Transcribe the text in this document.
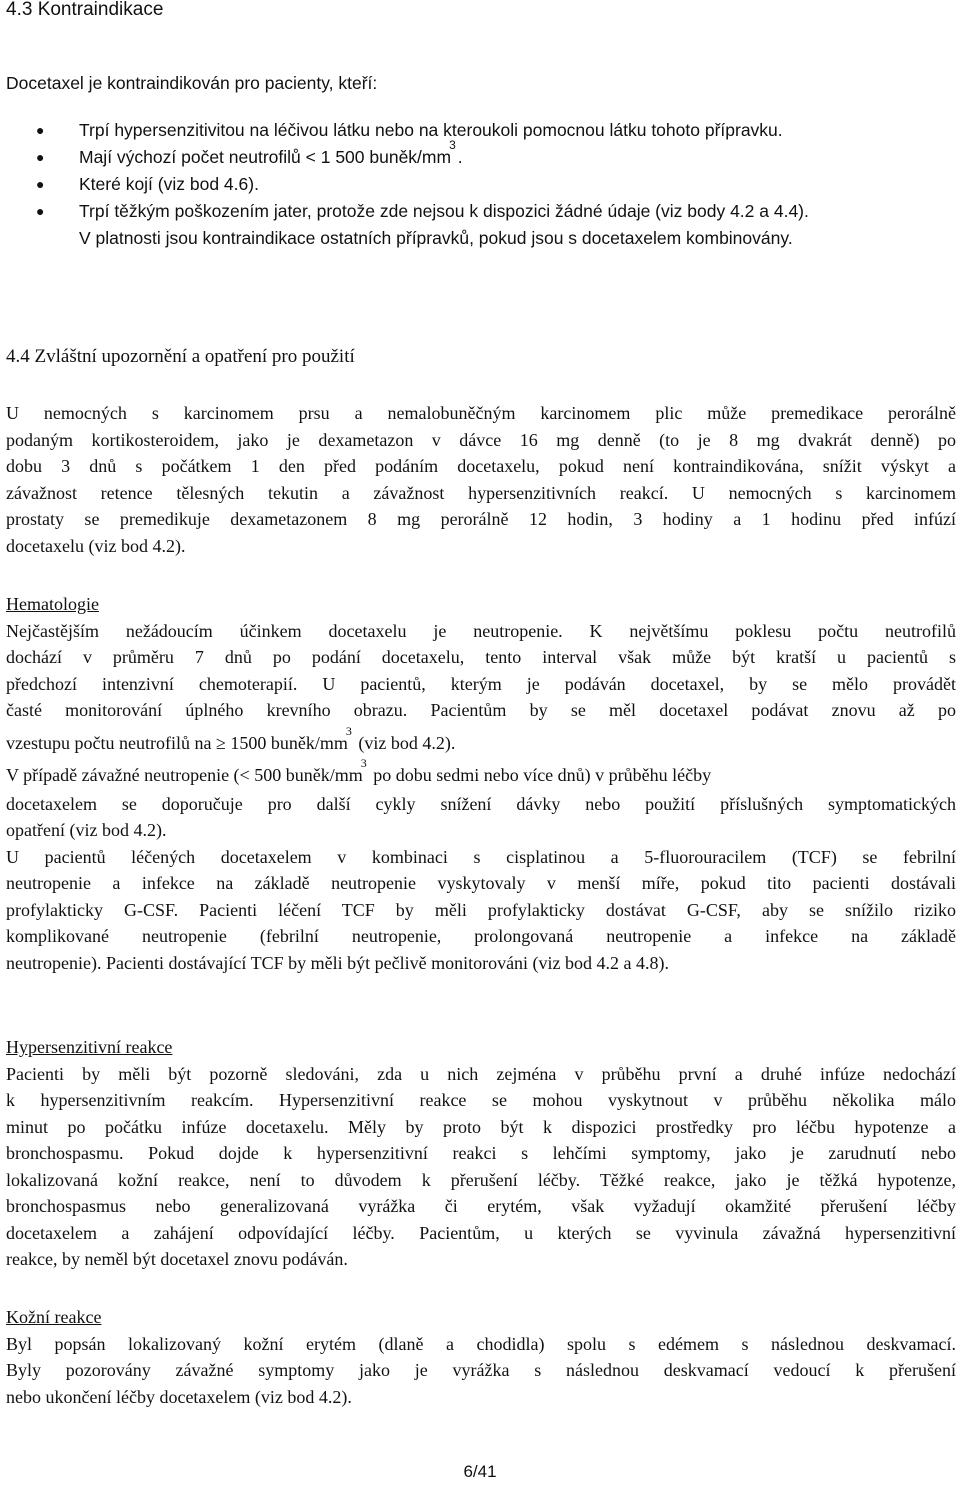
4.3 Kontraindikace
Docetaxel je kontraindikován pro pacienty, kteří:
● Trpí hypersenzitivitou na léčivou látku nebo na kteroukoli pomocnou látku tohoto přípravku.
● Mají výchozí počet neutrofilů < 1 500 buněk/$mm^3$.
● Které kojí (viz bod 4.6).
● Trpí těžkým poškozením jater, protože zde nejsou k dispozici žádné údaje (viz body 4.2 a 4.4).
V platnosti jsou kontraindikace ostatních přípravků, pokud jsou s docetaxelem kombinovány.
4.4 Zvláštní upozornění a opatření pro použití
U nemocných s karcinomem prsu a nemalobuněčným karcinomem plic může premedikace perorálně
podaným kortikosteroidem, jako je dexametazon v dávce 16 mg denně (to je 8 mg dvakrát denně) po
dobu 3 dnů s počátkem 1 den před podáním docetaxelu, pokud není kontraindikována, snížit výskyt a
závažnost retence tělesných tekutin a závažnost hypersenzitivních reakcí. U nemocných s karcinomem
prostaty se premedikuje dexametazonem 8 mg perorálně 12 hodin, 3 hodiny a 1 hodinu před infúzí
docetaxelu (viz bod 4.2).
Hematologie
Nejčastějším nežádoucím účinkem docetaxelu je neutropenie. K největšímu poklesu počtu neutrofilů
dochází v průměru 7 dnů po podání docetaxelu, tento interval však může být kratší u pacientů s
předchozí intenzivní chemoterapií. U pacientů, kterým je podáván docetaxel, by se mělo provádět
časté monitorování úplného krevního obrazu. Pacientům by se měl docetaxel podávat znovu až po
vzestupu počtu neutrofilů na ≥ 1500 buněk/$mm^3$ (viz bod 4.2).
V případě závažné neutropenie (< 500 buněk/$mm^3$ po dobu sedmi nebo více dnů) v průběhu léčby
docetaxelem se doporučuje pro další cykly snížení dávky nebo použití příslušných symptomatických
opatření (viz bod 4.2).
U pacientů léčených docetaxelem v kombinaci s cisplatinou a 5-fluorouracilem (TCF) se febrilní
neutropenie a infekce na základě neutropenie vyskytovaly v menší míře, pokud tito pacienti dostávali
profylakticky G-CSF. Pacienti léčení TCF by měli profylakticky dostávat G-CSF, aby se snížilo riziko
komplikované neutropenie (febrilní neutropenie, prolongovaná neutropenie a infekce na základě
neutropenie). Pacienti dostávající TCF by měli být pečlivě monitorováni (viz bod 4.2 a 4.8).
Hypersenzitivní reakce
Pacienti by měli být pozorně sledováni, zda u nich zejména v průběhu první a druhé infúze nedochází
k hypersenzitivním reakcím. Hypersenzitivní reakce se mohou vyskytnout v průběhu několika málo
minut po počátku infúze docetaxelu. Měly by proto být k dispozici prostředky pro léčbu hypotenze a
bronchospasmu. Pokud dojde k hypersenzitivní reakci s lehčími symptomy, jako je zarudnutí nebo
lokalizovaná kožní reakce, není to důvodem k přerušení léčby. Těžké reakce, jako je těžká hypotenze,
bronchospasmus nebo generalizovaná vyrážka či erytém, však vyžadují okamžité přerušení léčby
docetaxelem a zahájení odpovídající léčby. Pacientům, u kterých se vyvinula závažná hypersenzitivní
reakce, by neměl být docetaxel znovu podáván.
Kožní reakce
Byl popsán lokalizovaný kožní erytém (dlaně a chodidla) spolu s edémem s následnou deskvamací.
Byly pozorovány závažné symptomy jako je vyrážka s následnou deskvamací vedoucí k přerušení
nebo ukončení léčby docetaxelem (viz bod 4.2).
6/41
